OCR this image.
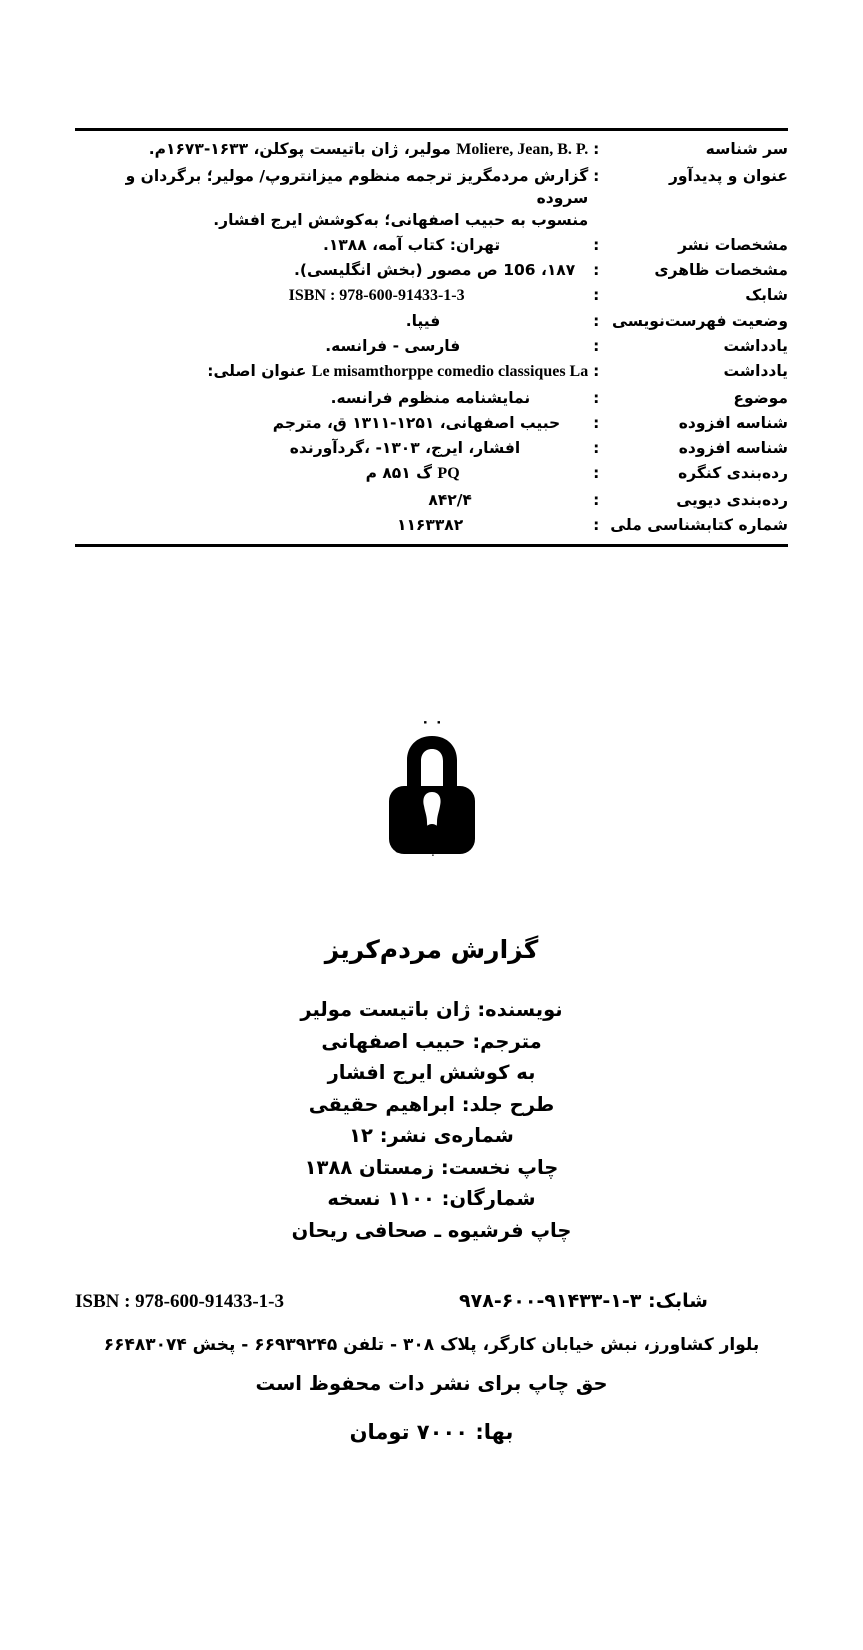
سر شناسه	:	Moliere, Jean, B. P. مولیر، ژان باتیست پوکلن، ۱۶۳۳-۱۶۷۳م.
عنوان و پدیدآور	:	گزارش مردمگریز ترجمه منظوم میزانتروپ/ مولیر؛ برگردان و سروده
منسوب به حبیب اصفهانی؛ به‌کوشش ایرج افشار.

مشخصات نشر	:	تهران: کتاب آمه، ۱۳۸۸.
مشخصات ظاهری	:	۱۸۷، 106 ص مصور (بخش انگلیسی).
شابک	:	ISBN : 978-600-91433-1-3
وضعیت فهرست‌نویسی	:	فیپا.
یادداشت	:	فارسی - فرانسه.
یادداشت	:	Le misamthorppe comedio classiques La عنوان اصلی:
موضوع	:	نمایشنامه منظوم فرانسه.
شناسه افزوده	:	حبیب اصفهانی، ۱۲۵۱-۱۳۱۱ ق، مترجم
شناسه افزوده	:	افشار، ایرج، ۱۳۰۳- ،گردآورنده
رده‌بندی کنگره	:	PQ گ ۸۵۱ م
رده‌بندی دیویی	:	۸۴۲/۴
شماره کتابشناسی ملی	:	۱۱۶۳۳۸۲
٠ ٠
کتاب‌آمه
گزارش مردم‌کریز
نویسنده: ژان باتیست مولیر
مترجم: حبیب اصفهانی
به کوشش ایرج افشار
طرح جلد: ابراهیم حقیقی
شماره‌ی نشر: ۱۲
چاپ نخست: زمستان ۱۳۸۸
شمارگان: ۱۱۰۰ نسخه
چاپ فرشیوه ـ صحافی ریحان
شابک: ۳-۱-۹۱۴۳۳-۶۰۰-۹۷۸
ISBN : 978-600-91433-1-3
بلوار کشاورز، نبش خیابان کارگر، پلاک ۳۰۸ - تلفن ۶۶۹۳۹۲۴۵ - پخش ۶۶۴۸۳۰۷۴
حق چاپ برای نشر دات محفوظ است
بها: ۷۰۰۰ تومان
